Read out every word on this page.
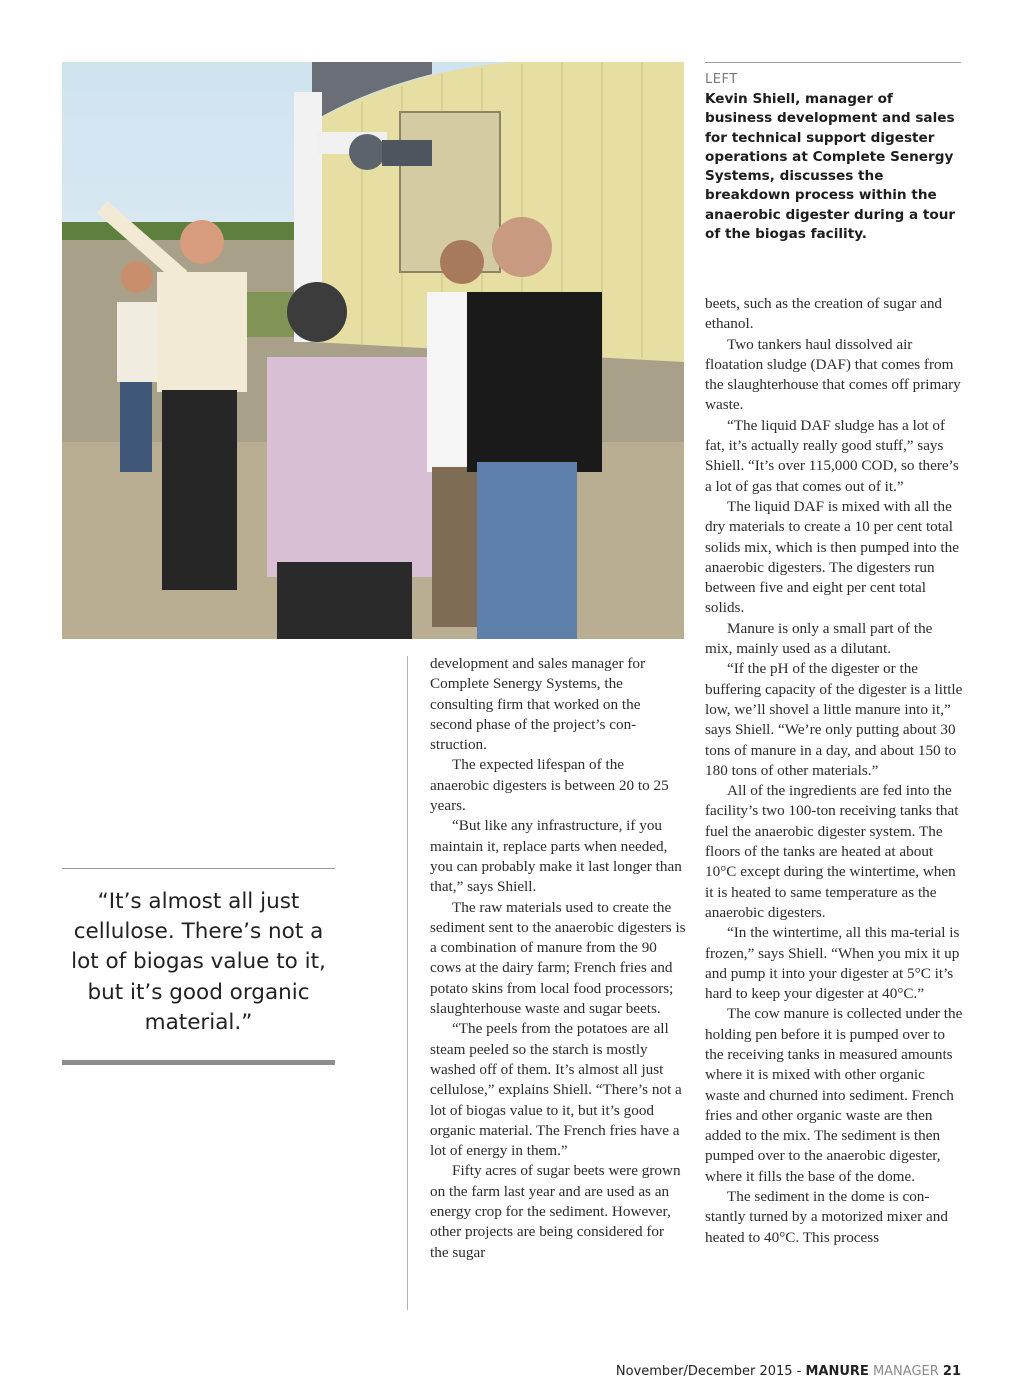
LEFT
Kevin Shiell, manager of business development and sales for technical support digester operations at Complete Senergy Systems, discusses the breakdown process within the anaerobic digester during a tour of the biogas facility.
“It’s almost all just cellulose. There’s not a lot of biogas value to it, but it’s good organic material.”

development and sales manager for Complete Senergy Systems, the consulting firm that worked on the second phase of the project’s con-struction.

The expected lifespan of the anaerobic digesters is between 20 to 25 years.

“But like any infrastructure, if you maintain it, replace parts when needed, you can probably make it last longer than that,” says Shiell.

The raw materials used to create the sediment sent to the anaerobic digesters is a combination of manure from the 90 cows at the dairy farm; French fries and potato skins from local food processors; slaughterhouse waste and sugar beets.

“The peels from the potatoes are all steam peeled so the starch is mostly washed off of them. It’s almost all just cellulose,” explains Shiell. “There’s not a lot of biogas value to it, but it’s good organic material. The French fries have a lot of energy in them.”

Fifty acres of sugar beets were grown on the farm last year and are used as an energy crop for the sediment. However, other projects are being considered for the sugar

beets, such as the creation of sugar and ethanol.

Two tankers haul dissolved air floatation sludge (DAF) that comes from the slaughterhouse that comes off primary waste.

“The liquid DAF sludge has a lot of fat, it’s actually really good stuff,” says Shiell. “It’s over 115,000 COD, so there’s a lot of gas that comes out of it.”

The liquid DAF is mixed with all the dry materials to create a 10 per cent total solids mix, which is then pumped into the anaerobic digesters. The digesters run between five and eight per cent total solids.

Manure is only a small part of the mix, mainly used as a dilutant.

“If the pH of the digester or the buffering capacity of the digester is a little low, we’ll shovel a little manure into it,” says Shiell. “We’re only putting about 30 tons of manure in a day, and about 150 to 180 tons of other materials.”

All of the ingredients are fed into the facility’s two 100-ton receiving tanks that fuel the anaerobic digester system. The floors of the tanks are heated at about 10°C except during the wintertime, when it is heated to same temperature as the anaerobic digesters.

“In the wintertime, all this ma-terial is frozen,” says Shiell. “When you mix it up and pump it into your digester at 5°C it’s hard to keep your digester at 40°C.”

The cow manure is collected under the holding pen before it is pumped over to the receiving tanks in measured amounts where it is mixed with other organic waste and churned into sediment. French fries and other organic waste are then added to the mix. The sediment is then pumped over to the anaerobic digester, where it fills the base of the dome.

The sediment in the dome is con-stantly turned by a motorized mixer and heated to 40°C. This process

November/December 2015 - MANURE MANAGER 21
